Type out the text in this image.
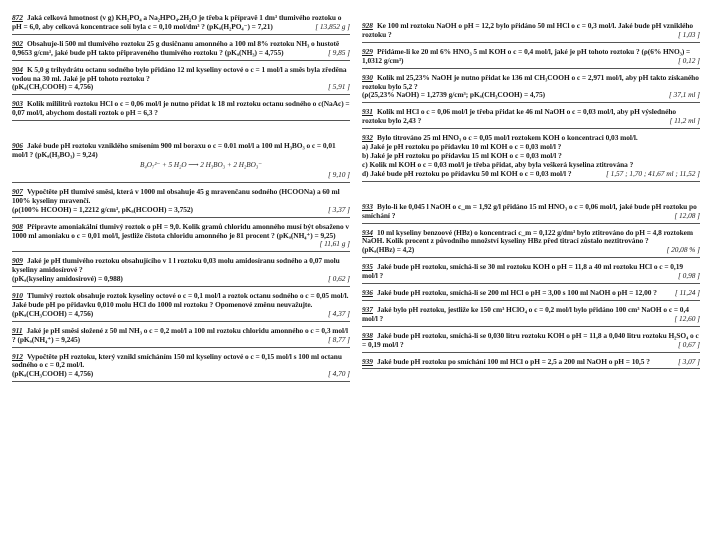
872 Jaká celková hmotnost (v g) KH₂PO₄ a Na₂HPO₄.2H₂O je třeba k přípravě 1 dm³ tlumivého roztoku o pH = 6,0, aby celková koncentrace solí byla c = 0,10 mol/dm³ ? (pKₐ(H₂PO₄⁻) = 7,21)	[ 13,852 g ]
902 Obsahuje-li 500 ml tlumivého roztoku 25 g dusičnanu amonného a 100 ml 8% roztoku NH₃ o hustotě 0,9653 g/cm³, jaké bude pH takto připraveného tlumivého roztoku ? (pKₐ(NH₃) = 4,755)	[ 9,85 ]
904 K 5,0 g trihydrátu octanu sodného bylo přidáno 12 ml kyseliny octové o c = 1 mol/l a směs byla zředěna vodou na 30 ml. Jaké je pH tohoto roztoku ?
(pKₐ(CH₃COOH) = 4,756)	[ 5,91 ]
903 Kolik mililitrů roztoku HCl o c = 0,06 mol/l je nutno přidat k 18 ml roztoku octanu sodného o c(NaAc) = 0,07 mol/l, abychom dostali roztok o pH = 6,3 ?
906 Jaké bude pH roztoku vzniklého smísením 900 ml boraxu o c = 0.01 mol/l a 100 ml H₃BO₃ o c = 0,01 mol/l ? (pKₐ(H₃BO₃) = 9,24)
B₄O₇²⁻ + 5 H₂O ⟶ 2 H₃BO₃ + 2 H₂BO₃⁻
[ 9,10 ]
907 Vypočtěte pH tlumivé směsi, která v 1000 ml obsahuje 45 g mravenčanu sodného (HCOONa) a 60 ml 100% kyseliny mravenčí.
(ρ(100% HCOOH) = 1,2212 g/cm³, pKₐ(HCOOH) = 3,752)	[ 3,37 ]
908 Připravte amoniakální tlumivý roztok o pH = 9,0. Kolik gramů chloridu amonného musí být obsaženo v 1000 ml amoniaku o c = 0,01 mol/l, jestliže čistota chloridu amonného je 81 procent ? (pKₐ(NH₄⁺) = 9,25)
[ 11,61 g ]
909 Jaké je pH tlumivého roztoku obsahujícího v 1 l roztoku 0,03 molu amidosíranu sodného a 0,07 molu kyseliny amidosírové ?
(pKₐ(kyseliny amidosírové) = 0,988)	[ 0,62 ]
910 Tlumivý roztok obsahuje roztok kyseliny octové o c = 0,1 mol/l a roztok octanu sodného o c = 0,05 mol/l. Jaké bude pH po přidavku 0,010 molu HCl do 1000 ml roztoku ? Opomenové změnu neuvažujte. (pKₐ(CH₃COOH) = 4,756)	[ 4,37 ]
911 Jaké je pH směsi složené z 50 ml NH₃ o c = 0,2 mol/l a 100 ml roztoku chloridu amonného o c = 0,3 mol/l ? (pKₐ(NH₄⁺) = 9,245)	[ 8,77 ]
912 Vypočtěte pH roztoku, který vznikl smícháním 150 ml kyseliny octové o c = 0,15 mol/l s 100 ml octanu sodného o c = 0,2 mol/l.
(pKₐ(CH₃COOH) = 4,756)	[ 4,70 ]
928 Ke 100 ml roztoku NaOH o pH = 12,2 bylo přidáno 50 ml HCl o c = 0,3 mol/l. Jaké bude pH vzniklého roztoku ?	[ 1,03 ]
929 Přidáme-li ke 20 ml 6% HNO₃ 5 ml KOH o c = 0,4 mol/l, jaké je pH tohoto roztoku ? (ρ(6% HNO₃) = 1,0312 g/cm³)	[ 0,12 ]
930 Kolik ml 25,23% NaOH je nutno přidat ke 136 ml CH₃COOH o c = 2,971 mol/l, aby pH takto získaného roztoku bylo 5,2 ?
(ρ(25,23% NaOH) = 1,2739 g/cm³; pKₐ(CH₃COOH) = 4,75)	[ 37,1 ml ]
931 Kolik ml HCl o c = 0,06 mol/l je třeba přidat ke 46 ml NaOH o c = 0,03 mol/l, aby pH výsledného roztoku bylo 2,43 ?	[ 11,2 ml ]
932 Bylo titrováno 25 ml HNO₃ o c = 0,05 mol/l roztokem KOH o koncentraci 0,03 mol/l.
a) Jaké je pH roztoku po přídavku 10 ml KOH o c = 0,03 mol/l ?
b) Jaké je pH roztoku po přídavku 15 ml KOH o c = 0,03 mol/l ?
c) Kolik ml KOH o c = 0,03 mol/l je třeba přidat, aby byla veškerá kyselina ztitrována ?
d) Jaké bude pH roztoku po přídavku 50 ml KOH o c = 0,03 mol/l ?	[ 1,57 ; 1,70 ; 41,67 ml ; 11,52 ]
933 Bylo-li ke 0,045 l NaOH o c_m = 1,92 g/l přidáno 15 ml HNO₃ o c = 0,06 mol/l, jaké bude pH roztoku po smíchání ?	[ 12,08 ]
934 10 ml kyseliny benzoové (HBz) o koncentraci c_m = 0,122 g/dm³ bylo ztitrováno do pH = 4,8 roztokem NaOH. Kolik procent z původního množství kyseliny HBz před titrací zůstalo neztitrováno ?
(pKₐ(HBz) = 4,2)	[ 20,08 % ]
935 Jaké bude pH roztoku, smíchá-li se 30 ml roztoku KOH o pH = 11,8 a 40 ml roztoku HCl o c = 0,19 mol/l ?	[ 0,98 ]
936 Jaké bude pH roztoku, smíchá-li se 200 ml HCl o pH = 3,00 s 100 ml NaOH o pH = 12,00 ? [ 11,24 ]
937 Jaké bylo pH roztoku, jestliže ke 150 cm³ HClO₄ o c = 0,2 mol/l bylo přidáno 100 cm³ NaOH o c = 0,4 mol/l ?	[ 12,60 ]
938 Jaké bude pH roztoku, smíchá-li se 0,030 litru roztoku KOH o pH = 11,8 a 0,040 litru roztoku H₂SO₄ o c = 0,19 mol/l ?	[ 0,67 ]
939 Jaké bude pH roztoku po smíchání 100 ml HCl o pH = 2,5 a 200 ml NaOH o pH = 10,5 ?	[ 3,07 ]
